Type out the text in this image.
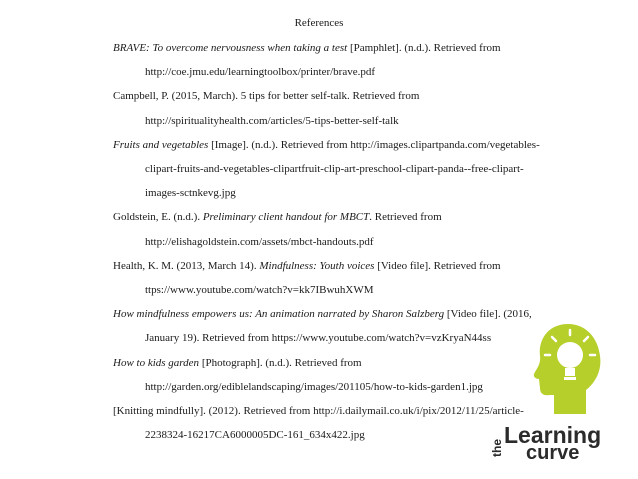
References
BRAVE: To overcome nervousness when taking a test [Pamphlet]. (n.d.). Retrieved from
http://coe.jmu.edu/learningtoolbox/printer/brave.pdf
Campbell, P. (2015, March). 5 tips for better self-talk. Retrieved from
http://spiritualityhealth.com/articles/5-tips-better-self-talk
Fruits and vegetables [Image]. (n.d.). Retrieved from http://images.clipartpanda.com/vegetables-
clipart-fruits-and-vegetables-clipartfruit-clip-art-preschool-clipart-panda--free-clipart-
images-sctnkevg.jpg
Goldstein, E. (n.d.). Preliminary client handout for MBCT. Retrieved from
http://elishagoldstein.com/assets/mbct-handouts.pdf
Health, K. M. (2013, March 14). Mindfulness: Youth voices [Video file]. Retrieved from
ttps://www.youtube.com/watch?v=kk7IBwuhXWM
How mindfulness empowers us: An animation narrated by Sharon Salzberg [Video file]. (2016,
January 19). Retrieved from https://www.youtube.com/watch?v=vzKryaN44ss
How to kids garden [Photograph]. (n.d.). Retrieved from
http://garden.org/ediblelandscaping/images/201105/how-to-kids-garden1.jpg
[Knitting mindfully]. (2012). Retrieved from http://i.dailymail.co.uk/i/pix/2012/11/25/article-
2238324-16217CA6000005DC-161_634x422.jpg
the Learning
curve
